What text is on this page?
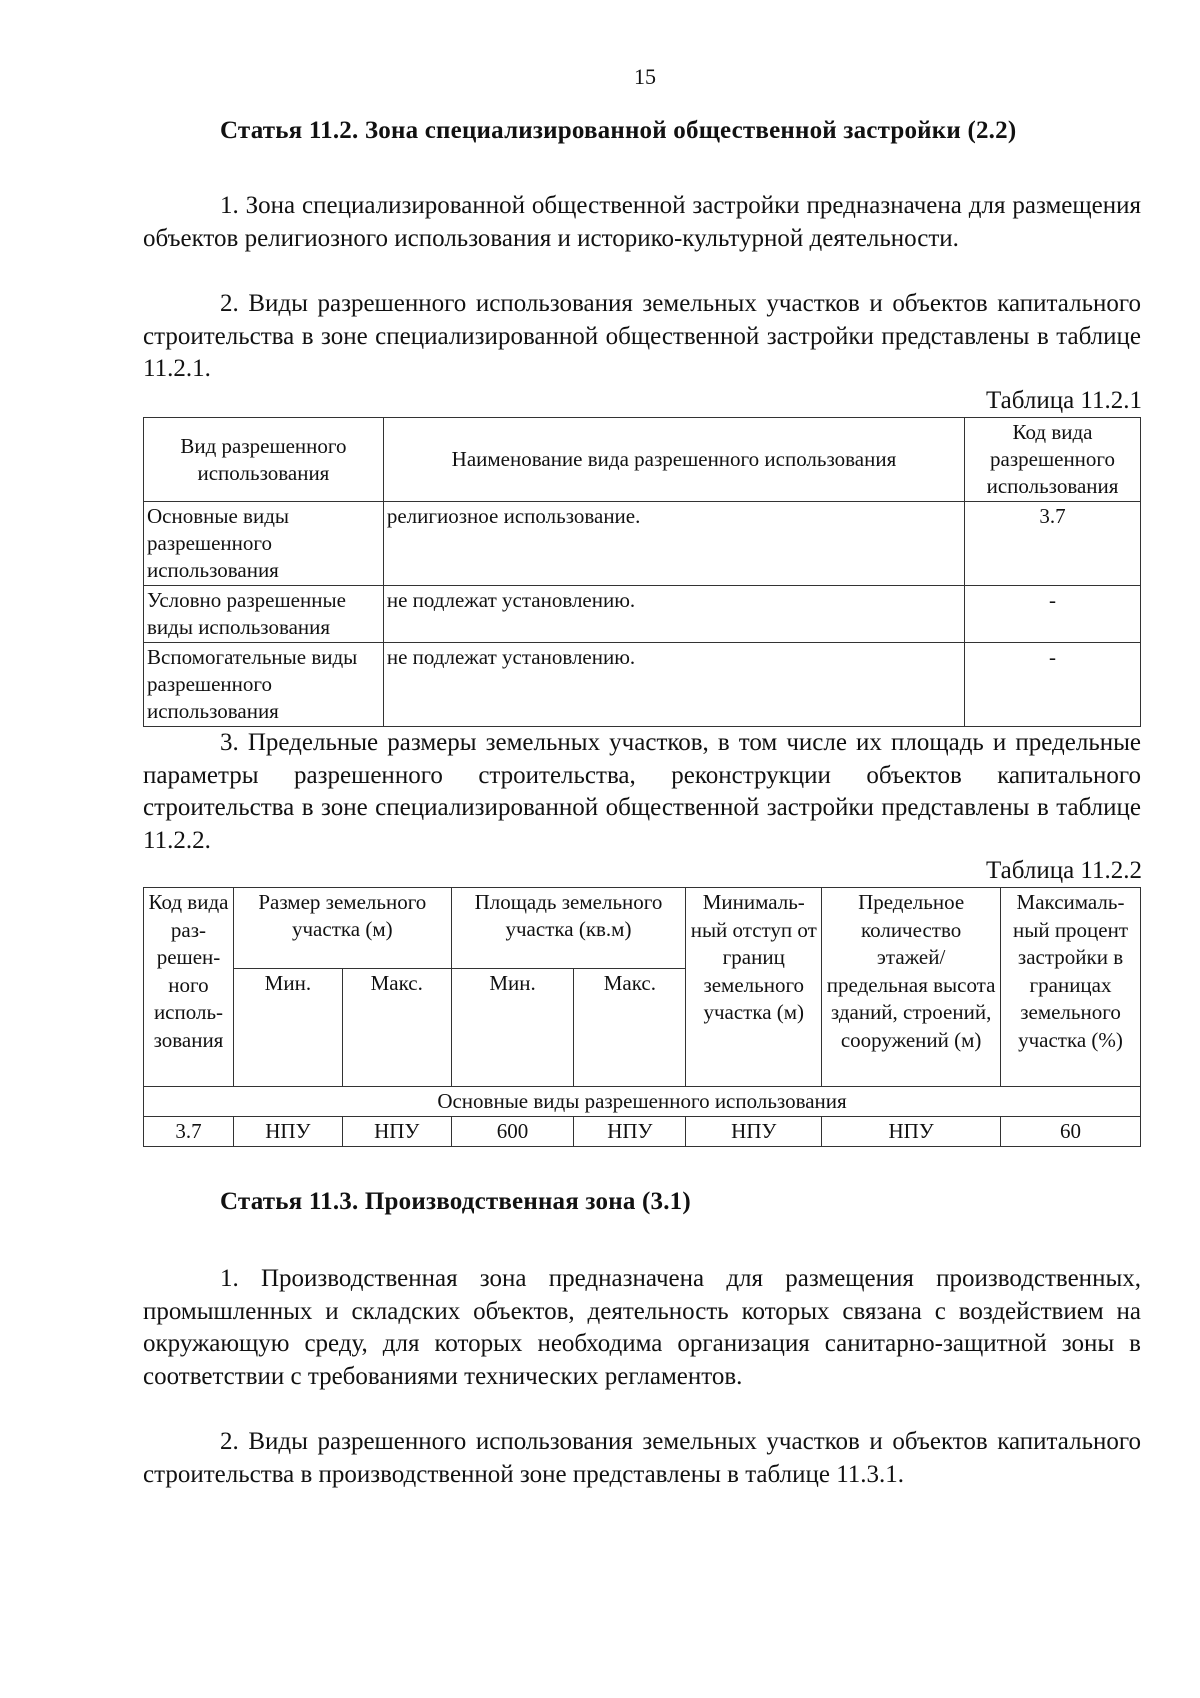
15
Статья 11.2. Зона специализированной общественной застройки (2.2)

1. Зона специализированной общественной застройки предназначена для размещения объектов религиозного использования и историко-культурной деятельности.

2. Виды разрешенного использования земельных участков и объектов капитального строительства в зоне специализированной общественной застройки представлены в таблице 11.2.1.

Таблица 11.2.1
Вид разрешенного использования	Наименование вида разрешенного использования	Код вида разрешенного использования
Основные виды разрешенного использования	религиозное использование.	3.7
Условно разрешенные виды использования	не подлежат установлению.	-
Вспомогательные виды разрешенного использования	не подлежат установлению.	-

3. Предельные размеры земельных участков, в том числе их площадь и предельные параметры разрешенного строительства, реконструкции объектов капитального строительства в зоне специализированной общественной застройки представлены в таблице 11.2.2.

Таблица 11.2.2
Код вида раз-решен-ного исполь-зования	Размер земельного участка (м)		Площадь земельного участка (кв.м)		Минималь-ный отступ от границ земельного участка (м)	Предельное количество этажей/ предельная высота зданий, строений, сооружений (м)	Максималь-ный процент застройки в границах земельного участка (%)
	Мин.	Макс.	Мин.	Макс.			
Основные виды разрешенного использования							
3.7	НПУ	НПУ	600	НПУ	НПУ	НПУ	60
Статья 11.3. Производственная зона (3.1)

1. Производственная зона предназначена для размещения производственных, промышленных и складских объектов, деятельность которых связана с воздействием на окружающую среду, для которых необходима организация санитарно-защитной зоны в соответствии с требованиями технических регламентов.

2. Виды разрешенного использования земельных участков и объектов капитального строительства в производственной зоне представлены в таблице 11.3.1.
